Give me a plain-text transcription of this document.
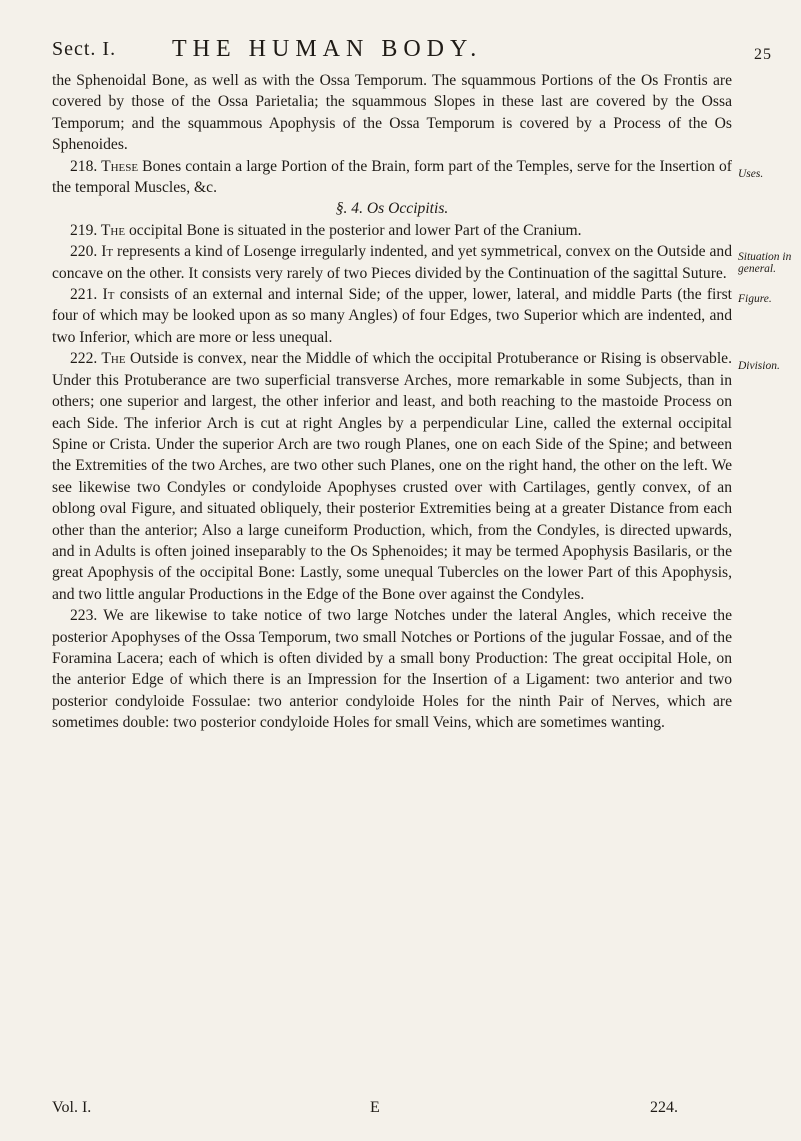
Sect. I. THE HUMAN BODY.	25

the Sphenoidal Bone, as well as with the Ossa Temporum. The squammous Portions of the Os Frontis are covered by those of the Ossa Parietalia; the squammous Slopes in these last are covered by the Ossa Temporum; and the squammous Apophysis of the Ossa Temporum is covered by a Process of the Os Sphenoides.

218. These Bones contain a large Portion of the Brain, form part of the Temples, serve for the Insertion of the temporal Muscles, &c.

§. 4. Os Occipitis.

219. The occipital Bone is situated in the posterior and lower Part of the Cranium.

220. It represents a kind of Losenge irregularly indented, and yet symmetrical, convex on the Outside and concave on the other. It consists very rarely of two Pieces divided by the Continuation of the sagittal Suture.

221. It consists of an external and internal Side; of the upper, lower, lateral, and middle Parts (the first four of which may be looked upon as so many Angles) of four Edges, two Superior which are indented, and two Inferior, which are more or less unequal.

222. The Outside is convex, near the Middle of which the occipital Protuberance or Rising is observable. Under this Protuberance are two superficial transverse Arches, more remarkable in some Subjects, than in others; one superior and largest, the other inferior and least, and both reaching to the mastoide Process on each Side. The inferior Arch is cut at right Angles by a perpendicular Line, called the external occipital Spine or Crista. Under the superior Arch are two rough Planes, one on each Side of the Spine; and between the Extremities of the two Arches, are two other such Planes, one on the right hand, the other on the left. We see likewise two Condyles or condyloide Apophyses crusted over with Cartilages, gently convex, of an oblong oval Figure, and situated obliquely, their posterior Extremities being at a greater Distance from each other than the anterior; Also a large cuneiform Production, which, from the Condyles, is directed upwards, and in Adults is often joined inseparably to the Os Sphenoides; it may be termed Apophysis Basilaris, or the great Apophysis of the occipital Bone: Lastly, some unequal Tubercles on the lower Part of this Apophysis, and two little angular Productions in the Edge of the Bone over against the Condyles.

223. We are likewise to take notice of two large Notches under the lateral Angles, which receive the posterior Apophyses of the Ossa Temporum, two small Notches or Portions of the jugular Fossae, and of the Foramina Lacera; each of which is often divided by a small bony Production: The great occipital Hole, on the anterior Edge of which there is an Impression for the Insertion of a Ligament: two anterior and two posterior condyloide Fossulae: two anterior condyloide Holes for the ninth Pair of Nerves, which are sometimes double: two posterior condyloide Holes for small Veins, which are sometimes wanting.

Uses.
Situation in general.
Figure.
Division.
Vol. I.	E	224.
